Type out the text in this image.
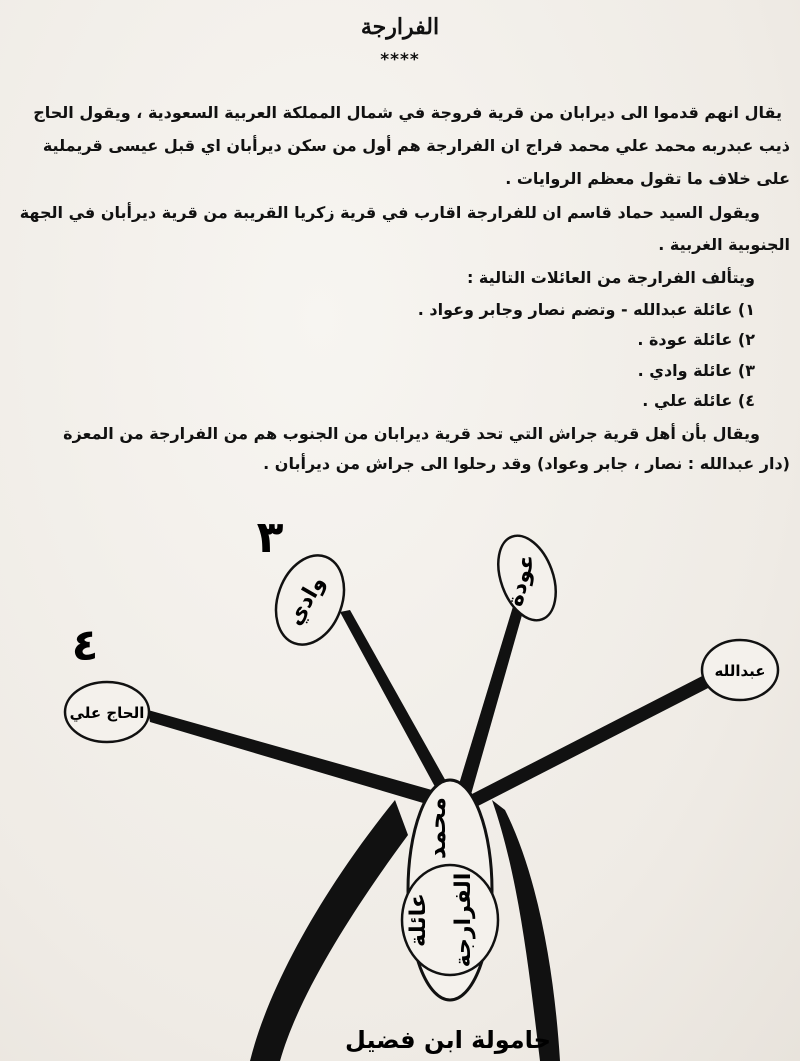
الفرارجة
****
يقال انهم قدموا الى ديرابان من قرية فروجة في شمال المملكة العربية السعودية ، ويقول الحاج
ذيب عبدربه محمد علي محمد فراج ان الفرارجة هم أول من سكن ديرأبان اي قبل عيسى قريملية
على خلاف ما تقول معظم الروايات .
ويقول السيد حماد قاسم ان للفرارجة اقارب في قرية زكريا القريبة من قرية ديرأبان في الجهة
الجنوبية الغربية .
ويتألف الفرارجة من العائلات التالية :
١) عائلة عبدالله - وتضم نصار وجابر وعواد .
٢) عائلة عودة .
٣) عائلة وادي .
٤) عائلة علي .
ويقال بأن أهل قرية جراش التي تحد قرية ديرابان من الجنوب هم من الفرارجة من المعزة
(دار عبدالله : نصار ، جابر وعواد) وقد رحلوا الى جراش من ديرأبان .
الحاج علي
وادي	عودة
عبدالله
٣
٤
محمد
عائلة الفرارجة
حامولة ابن فضيل
